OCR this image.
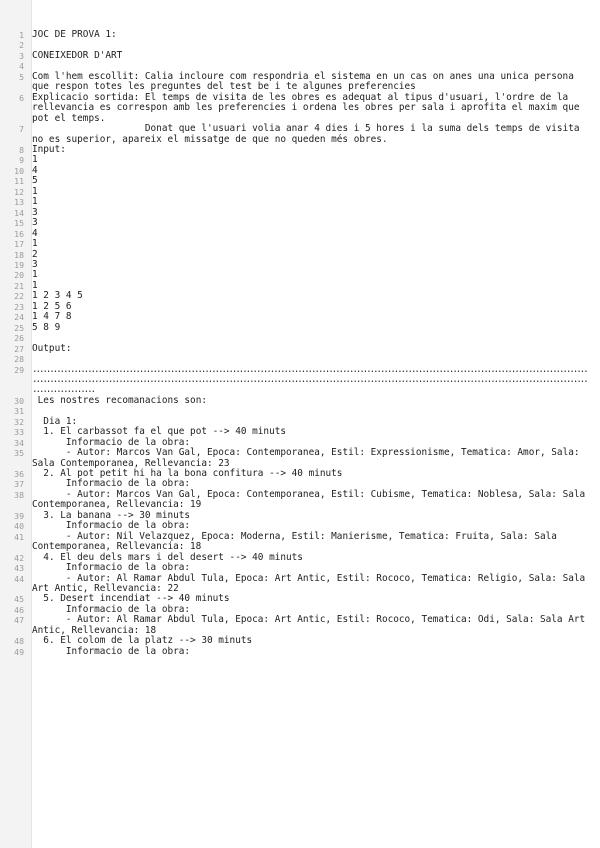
1 JOC DE PROVA 1:
2
3 CONEIXEDOR D'ART
4
5 Com l'hem escollit: Calia incloure com respondria el sistema en un cas on anes una unica persona que respon totes les preguntes del test be i te algunes preferencies
6 Explicacio sortida: El temps de visita de les obres es adequat al tipus d'usuari, l'ordre de la rellevancia es correspon amb les preferencies i ordena les obres per sala i aprofita el maxim que pot el temps.
7 Donat que l'usuari volia anar 4 dies i 5 hores i la suma dels temps de visita no es superior, apareix el missatge de que no queden més obres.
8 Input:
9 1
10 4
11 5
12 1
13 1
14 3
15 3
16 4
17 1
18 2
19 3
20 1
21 1
22 1 2 3 4 5
23 1 2 5 6
24 1 4 7 8
25 5 8 9
26
27 Output:
28
29 ....................................................................................................................................................................................................................................................................................................................................................
30 Les nostres recomanacions son:
31
32 Dia 1:
33 1. El carbassot fa el que pot --> 40 minuts
34 Informacio de la obra:
35 - Autor: Marcos Van Gal, Epoca: Contemporanea, Estil: Expressionisme, Tematica: Amor, Sala: Sala Contemporanea, Rellevancia: 23
36 2. Al pot petit hi ha la bona confitura --> 40 minuts
37 Informacio de la obra:
38 - Autor: Marcos Van Gal, Epoca: Contemporanea, Estil: Cubisme, Tematica: Noblesa, Sala: Sala Contemporanea, Rellevancia: 19
39 3. La banana --> 30 minuts
40 Informacio de la obra:
41 - Autor: Nil Velazquez, Epoca: Moderna, Estil: Manierisme, Tematica: Fruita, Sala: Sala Contemporanea, Rellevancia: 18
42 4. El deu dels mars i del desert --> 40 minuts
43 Informacio de la obra:
44 - Autor: Al Ramar Abdul Tula, Epoca: Art Antic, Estil: Rococo, Tematica: Religio, Sala: Sala Art Antic, Rellevancia: 22
45 5. Desert incendiat --> 40 minuts
46 Informacio de la obra:
47 - Autor: Al Ramar Abdul Tula, Epoca: Art Antic, Estil: Rococo, Tematica: Odi, Sala: Sala Art Antic, Rellevancia: 18
48 6. El colom de la platz --> 30 minuts
49 Informacio de la obra:
